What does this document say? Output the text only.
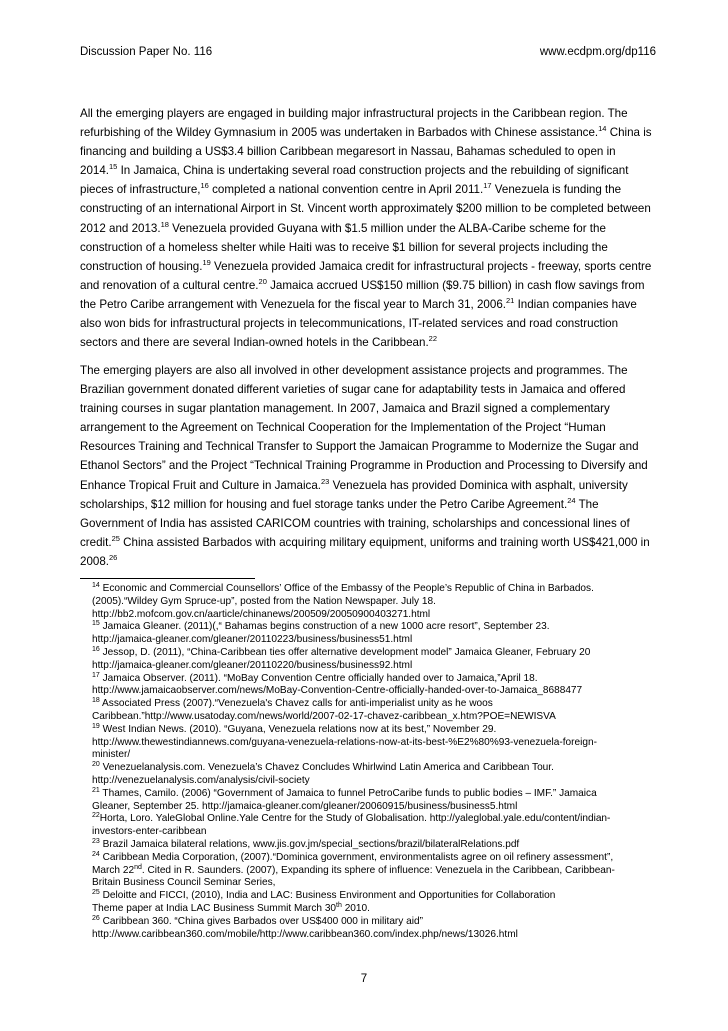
Discussion Paper No. 116	www.ecdpm.org/dp116

All the emerging players are engaged in building major infrastructural projects in the Caribbean region. The refurbishing of the Wildey Gymnasium in 2005 was undertaken in Barbados with Chinese assistance.$^{14}$ China is financing and building a US$3.4 billion Caribbean megaresort in Nassau, Bahamas scheduled to open in 2014.15 In Jamaica, China is undertaking several road construction projects and the rebuilding of significant pieces of infrastructure,$^{16}$ completed a national convention centre in April 2011.17 Venezuela is funding the constructing of an international Airport in St. Vincent worth approximately $200 million to be completed between 2012 and 2013.18 Venezuela provided Guyana with $1.5 million under the ALBA-Caribe scheme for the construction of a homeless shelter while Haiti was to receive $1 billion for several projects including the construction of housing.$^{19}$ Venezuela provided Jamaica credit for infrastructural projects - freeway, sports centre and renovation of a cultural centre.$^{20}$ Jamaica accrued US$150 million ($9.75 billion) in cash flow savings from the Petro Caribe arrangement with Venezuela for the fiscal year to March 31, 2006.21 Indian companies have also won bids for infrastructural projects in telecommunications, IT-related services and road construction sectors and there are several Indian-owned hotels in the Caribbean.$^{22}$

The emerging players are also all involved in other development assistance projects and programmes. The Brazilian government donated different varieties of sugar cane for adaptability tests in Jamaica and offered training courses in sugar plantation management. In 2007, Jamaica and Brazil signed a complementary arrangement to the Agreement on Technical Cooperation for the Implementation of the Project “Human Resources Training and Technical Transfer to Support the Jamaican Programme to Modernize the Sugar and Ethanol Sectors” and the Project “Technical Training Programme in Production and Processing to Diversify and Enhance Tropical Fruit and Culture in Jamaica.$^{23}$ Venezuela has provided Dominica with asphalt, university scholarships, $12 million for housing and fuel storage tanks under the Petro Caribe Agreement.$^{24}$ The Government of India has assisted CARICOM countries with training, scholarships and concessional lines of credit.$^{25}$ China assisted Barbados with acquiring military equipment, uniforms and training worth US$421,000 in 2008.26

$^{14}$ Economic and Commercial Counsellors’ Office of the Embassy of the People’s Republic of China in Barbados.
(2005).“Wildey Gym Spruce-up”, posted from the Nation Newspaper. July 18.
http://bb2.mofcom.gov.cn/aarticle/chinanews/200509/20050900403271.html
$^{15}$ Jamaica Gleaner. (2011)(,“ Bahamas begins construction of a new 1000 acre resort”, September 23.
http://jamaica-gleaner.com/gleaner/20110223/business/business51.html
$^{16}$ Jessop, D. (2011), “China-Caribbean ties offer alternative development model” Jamaica Gleaner, February 20
http://jamaica-gleaner.com/gleaner/20110220/business/business92.html
$^{17}$ Jamaica Observer. (2011). “MoBay Convention Centre officially handed over to Jamaica,”April 18.
http://www.jamaicaobserver.com/news/MoBay-Convention-Centre-officially-handed-over-to-Jamaica_8688477
$^{18}$ Associated Press (2007).“Venezuela's Chavez calls for anti-imperialist unity as he woos
Caribbean.”http://www.usatoday.com/news/world/2007-02-17-chavez-caribbean_x.htm?POE=NEWISVA
$^{19}$ West Indian News. (2010). “Guyana, Venezuela relations now at its best,” November 29.
http://www.thewestindiannews.com/guyana-venezuela-relations-now-at-its-best-%E2%80%93-venezuela-foreign-
minister/
$^{20}$ Venezuelanalysis.com. Venezuela’s Chavez Concludes Whirlwind Latin America and Caribbean Tour.
http://venezuelanalysis.com/analysis/civil-society
$^{21}$ Thames, Camilo. (2006) “Government of Jamaica to funnel PetroCaribe funds to public bodies – IMF.” Jamaica
Gleaner, September 25. http://jamaica-gleaner.com/gleaner/20060915/business/business5.html
$^{22}$Horta, Loro. YaleGlobal Online.Yale Centre for the Study of Globalisation. http://yaleglobal.yale.edu/content/indian-
investors-enter-caribbean
$^{23}$ Brazil Jamaica bilateral relations, www.jis.gov.jm/special_sections/brazil/bilateralRelations.pdf
$^{24}$ Caribbean Media Corporation, (2007).“Dominica government, environmentalists agree on oil refinery assessment”,
March 22nd. Cited in R. Saunders. (2007), Expanding its sphere of influence: Venezuela in the Caribbean, Caribbean-
Britain Business Council Seminar Series,
$^{25}$ Deloitte and FICCI, (2010), India and LAC: Business Environment and Opportunities for Collaboration
Theme paper at India LAC Business Summit March 30th 2010.
$^{26}$ Caribbean 360. “China gives Barbados over US$400 000 in military aid”
http://www.caribbean360.com/mobile/http://www.caribbean360.com/index.php/news/13026.html
7
